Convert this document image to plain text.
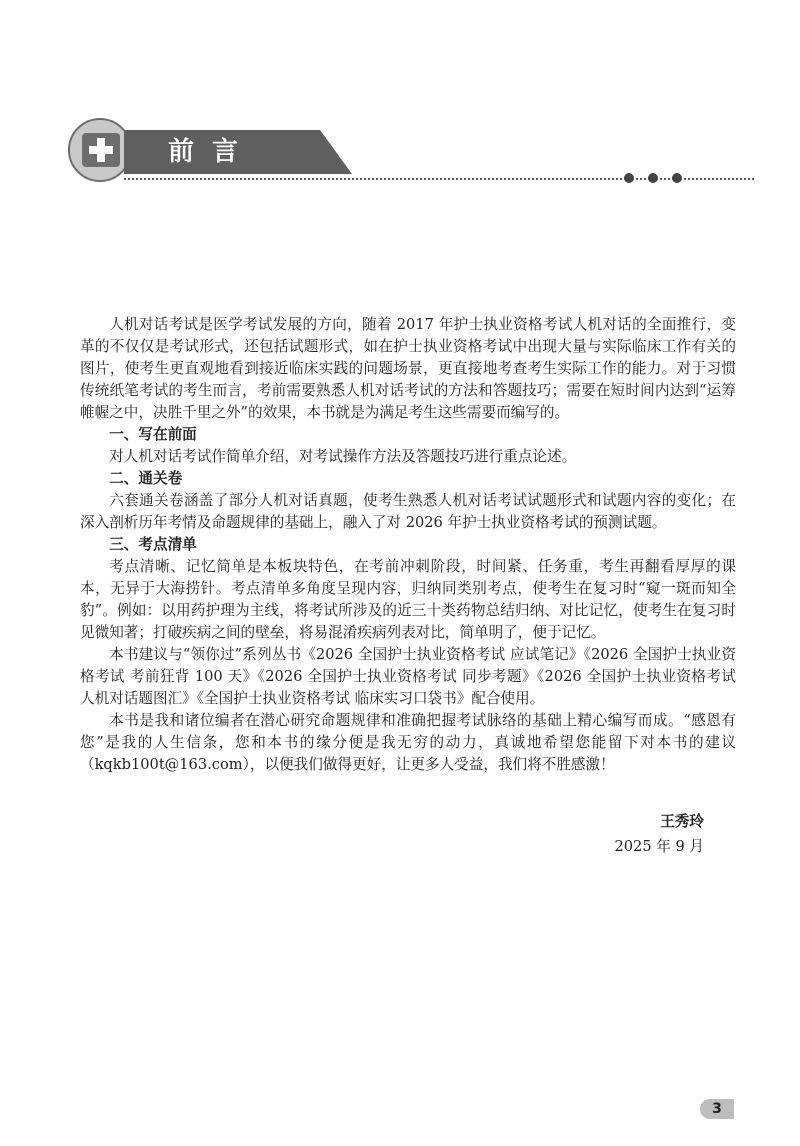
前言

人机对话考试是医学考试发展的方向，随着 2017 年护士执业资格考试人机对话的全面推行，变革的不仅仅是考试形式，还包括试题形式，如在护士执业资格考试中出现大量与实际临床工作有关的图片，使考生更直观地看到接近临床实践的问题场景，更直接地考查考生实际工作的能力。对于习惯传统纸笔考试的考生而言，考前需要熟悉人机对话考试的方法和答题技巧；需要在短时间内达到“运筹帷幄之中，决胜千里之外”的效果，本书就是为满足考生这些需要而编写的。

一、写在前面

对人机对话考试作简单介绍，对考试操作方法及答题技巧进行重点论述。

二、通关卷

六套通关卷涵盖了部分人机对话真题，使考生熟悉人机对话考试试题形式和试题内容的变化；在深入剖析历年考情及命题规律的基础上，融入了对 2026 年护士执业资格考试的预测试题。

三、考点清单

考点清晰、记忆简单是本板块特色，在考前冲刺阶段，时间紧、任务重，考生再翻看厚厚的课本，无异于大海捞针。考点清单多角度呈现内容，归纳同类别考点，使考生在复习时“窥一斑而知全豹”。例如：以用药护理为主线，将考试所涉及的近三十类药物总结归纳、对比记忆，使考生在复习时见微知著；打破疾病之间的壁垒，将易混淆疾病列表对比，简单明了，便于记忆。

本书建议与“领你过”系列丛书《2026 全国护士执业资格考试 应试笔记》《2026 全国护士执业资格考试 考前狂背 100 天》《2026 全国护士执业资格考试 同步考题》《2026 全国护士执业资格考试 人机对话题图汇》《全国护士执业资格考试 临床实习口袋书》配合使用。

本书是我和诸位编者在潜心研究命题规律和准确把握考试脉络的基础上精心编写而成。“感恩有您”是我的人生信条，您和本书的缘分便是我无穷的动力，真诚地希望您能留下对本书的建议（kqkb100t@163.com），以便我们做得更好，让更多人受益，我们将不胜感激！

王秀玲
2025 年 9 月
3
